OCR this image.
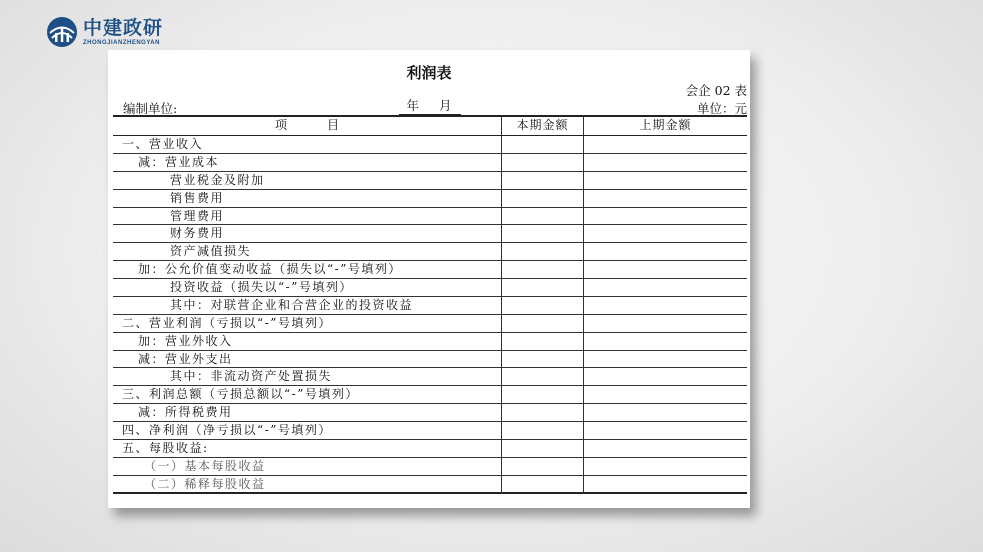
中建政研
ZHONGJIANZHENGYAN
利润表
会企 02 表
编制单位:	年 月	单位：元
项	目	本期金额	上期金额
一、营业收入
减：营业成本
营业税金及附加
销售费用
管理费用
财务费用
资产减值损失
加：公允价值变动收益（损失以“-”号填列）
投资收益（损失以“-”号填列）
其中：对联营企业和合营企业的投资收益
二、营业利润（亏损以“-”号填列）
加：营业外收入
减：营业外支出
其中：非流动资产处置损失
三、利润总额（亏损总额以“-”号填列）
减：所得税费用
四、净利润（净亏损以“-”号填列）
五、每股收益:
（一）基本每股收益
（二）稀释每股收益
